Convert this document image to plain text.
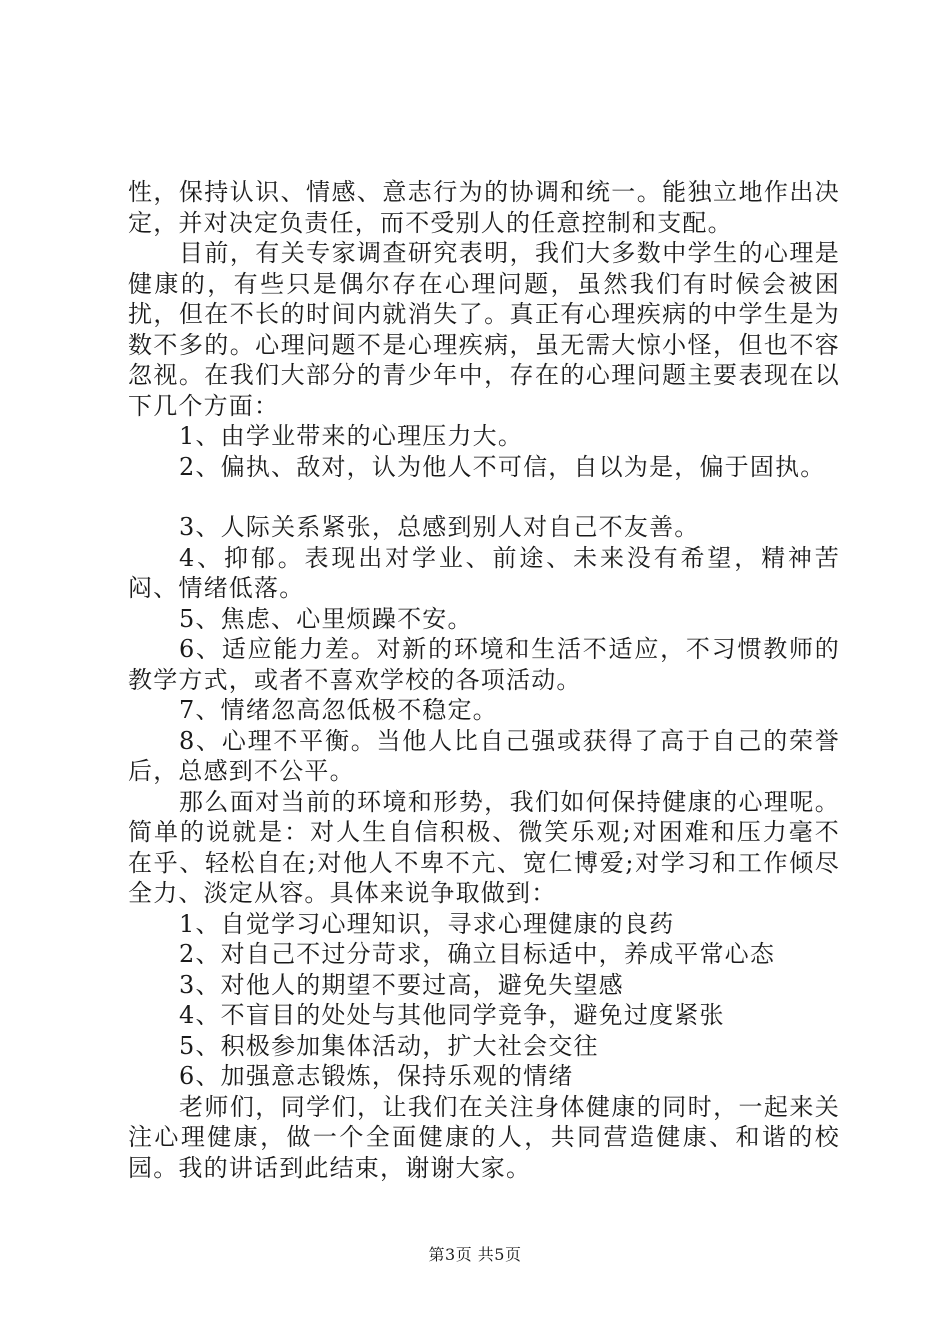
性，保持认识、情感、意志行为的协调和统一。能独立地作出决定，并对决定负责任，而不受别人的任意控制和支配。

目前，有关专家调查研究表明，我们大多数中学生的心理是健康的，有些只是偶尔存在心理问题，虽然我们有时候会被困扰，但在不长的时间内就消失了。真正有心理疾病的中学生是为数不多的。心理问题不是心理疾病，虽无需大惊小怪，但也不容忽视。在我们大部分的青少年中，存在的心理问题主要表现在以下几个方面：

1、由学业带来的心理压力大。

2、偏执、敌对，认为他人不可信，自以为是，偏于固执。

3、人际关系紧张，总感到别人对自己不友善。

4、抑郁。表现出对学业、前途、未来没有希望，精神苦闷、情绪低落。

5、焦虑、心里烦躁不安。

6、适应能力差。对新的环境和生活不适应，不习惯教师的教学方式，或者不喜欢学校的各项活动。

7、情绪忽高忽低极不稳定。

8、心理不平衡。当他人比自己强或获得了高于自己的荣誉后，总感到不公平。

那么面对当前的环境和形势，我们如何保持健康的心理呢。简单的说就是：对人生自信积极、微笑乐观;对困难和压力毫不在乎、轻松自在;对他人不卑不亢、宽仁博爱;对学习和工作倾尽全力、淡定从容。具体来说争取做到：

1、自觉学习心理知识，寻求心理健康的良药

2、对自己不过分苛求，确立目标适中，养成平常心态

3、对他人的期望不要过高，避免失望感

4、不盲目的处处与其他同学竞争，避免过度紧张

5、积极参加集体活动，扩大社会交往

6、加强意志锻炼，保持乐观的情绪

老师们，同学们，让我们在关注身体健康的同时，一起来关注心理健康，做一个全面健康的人，共同营造健康、和谐的校园。我的讲话到此结束，谢谢大家。

第3页 共5页
